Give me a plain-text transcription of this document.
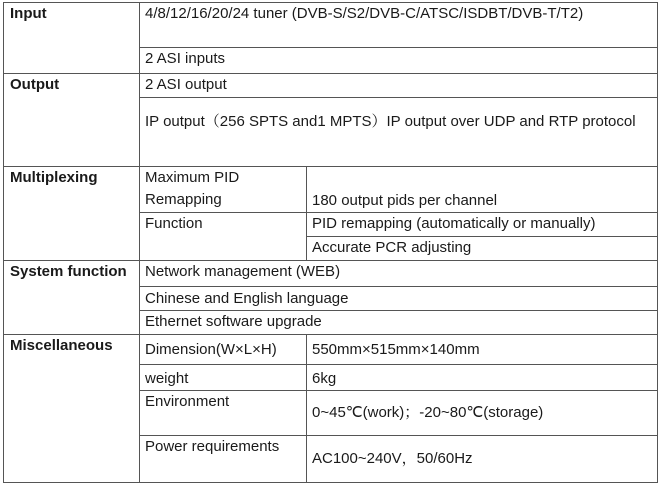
Input	4/8/12/16/20/24 tuner (DVB-S/S2/DVB-C/ATSC/ISDBT/DVB-T/T2)	
	2 ASI inputs	
Output	2 ASI output	
	IP output（256 SPTS and1 MPTS）IP output over UDP and RTP protocol	
Multiplexing	Maximum PID Remapping	180 output pids per channel
	Function	PID remapping (automatically or manually)
		Accurate PCR adjusting
System function	Network management (WEB)	
	Chinese and English language	
	Ethernet software upgrade	
Miscellaneous	Dimension(W×L×H)	550mm×515mm×140mm
	weight	6kg
	Environment	0~45℃(work)；-20~80℃(storage)
	Power requirements	AC100~240V，50/60Hz
